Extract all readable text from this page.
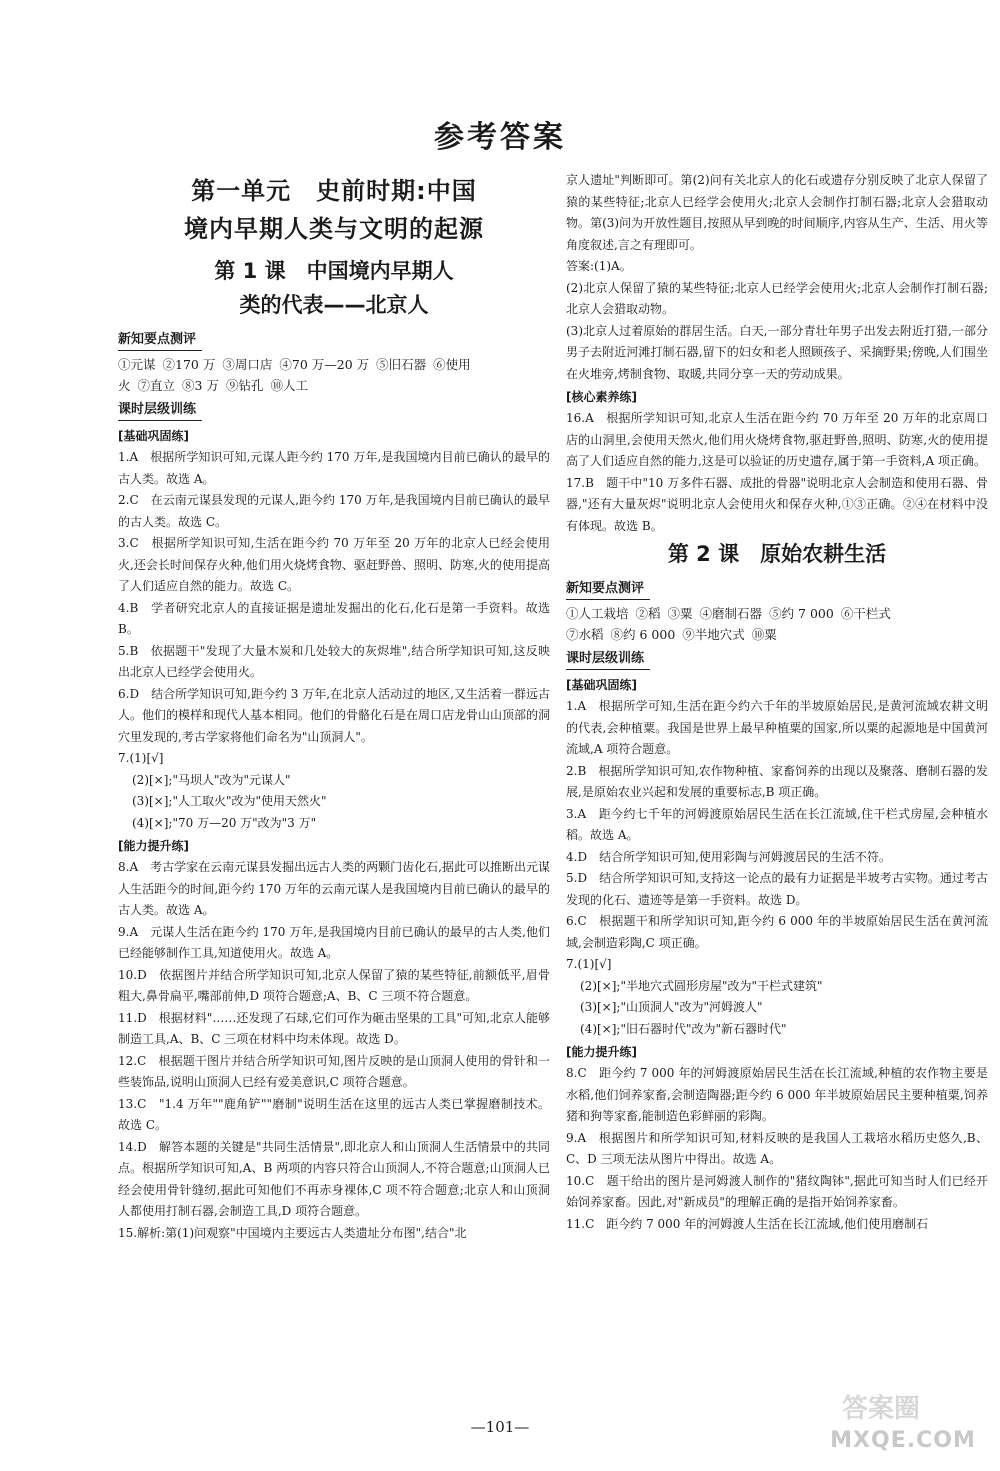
参考答案
第一单元　史前时期:中国
境内早期人类与文明的起源
第 1 课　中国境内早期人
类的代表——北京人
新知要点测评
①元谋 ②170 万 ③周口店 ④70 万—20 万 ⑤旧石器 ⑥使用
火 ⑦直立 ⑧3 万 ⑨钻孔 ⑩人工
课时层级训练
[基础巩固练]

1.A　根据所学知识可知,元谋人距今约 170 万年,是我国境内目前已确认的最早的古人类。故选 A。

2.C　在云南元谋县发现的元谋人,距今约 170 万年,是我国境内目前已确认的最早的古人类。故选 C。

3.C　根据所学知识可知,生活在距今约 70 万年至 20 万年的北京人已经会使用火,还会长时间保存火种,他们用火烧烤食物、驱赶野兽、照明、防寒,火的使用提高了人们适应自然的能力。故选 C。

4.B　学者研究北京人的直接证据是遗址发掘出的化石,化石是第一手资料。故选 B。

5.B　依据题干"发现了大量木炭和几处较大的灰烬堆",结合所学知识可知,这反映出北京人已经学会使用火。

6.D　结合所学知识可知,距今约 3 万年,在北京人活动过的地区,又生活着一群远古人。他们的模样和现代人基本相同。他们的骨骼化石是在周口店龙骨山山顶部的洞穴里发现的,考古学家将他们命名为"山顶洞人"。

7.(1)[√]

(2)[×];"马坝人"改为"元谋人"

(3)[×];"人工取火"改为"使用天然火"

(4)[×];"70 万—20 万"改为"3 万"

[能力提升练]

8.A　考古学家在云南元谋县发掘出远古人类的两颗门齿化石,据此可以推断出元谋人生活距今的时间,距今约 170 万年的云南元谋人是我国境内目前已确认的最早的古人类。故选 A。

9.A　元谋人生活在距今约 170 万年,是我国境内目前已确认的最早的古人类,他们已经能够制作工具,知道使用火。故选 A。

10.D　依据图片并结合所学知识可知,北京人保留了猿的某些特征,前额低平,眉骨粗大,鼻骨扁平,嘴部前伸,D 项符合题意;A、B、C 三项不符合题意。

11.D　根据材料"……还发现了石球,它们可作为砸击坚果的工具"可知,北京人能够制造工具,A、B、C 三项在材料中均未体现。故选 D。

12.C　根据题干图片并结合所学知识可知,图片反映的是山顶洞人使用的骨针和一些装饰品,说明山顶洞人已经有爱美意识,C 项符合题意。

13.C　"1.4 万年""鹿角铲""磨制"说明生活在这里的远古人类已掌握磨制技术。故选 C。

14.D　解答本题的关键是"共同生活情景",即北京人和山顶洞人生活情景中的共同点。根据所学知识可知,A、B 两项的内容只符合山顶洞人,不符合题意;山顶洞人已经会使用骨针缝纫,据此可知他们不再赤身裸体,C 项不符合题意;北京人和山顶洞人都使用打制石器,会制造工具,D 项符合题意。

15.解析:第(1)问观察"中国境内主要远古人类遗址分布图",结合"北

京人遗址"判断即可。第(2)问有关北京人的化石或遗存分别反映了北京人保留了猿的某些特征;北京人已经学会使用火;北京人会制作打制石器;北京人会猎取动物。第(3)问为开放性题目,按照从早到晚的时间顺序,内容从生产、生活、用火等角度叙述,言之有理即可。

答案:(1)A。

(2)北京人保留了猿的某些特征;北京人已经学会使用火;北京人会制作打制石器;北京人会猎取动物。

(3)北京人过着原始的群居生活。白天,一部分青壮年男子出发去附近打猎,一部分男子去附近河滩打制石器,留下的妇女和老人照顾孩子、采摘野果;傍晚,人们围坐在火堆旁,烤制食物、取暖,共同分享一天的劳动成果。

[核心素养练]

16.A　根据所学知识可知,北京人生活在距今约 70 万年至 20 万年的北京周口店的山洞里,会使用天然火,他们用火烧烤食物,驱赶野兽,照明、防寒,火的使用提高了人们适应自然的能力,这是可以验证的历史遗存,属于第一手资料,A 项正确。

17.B　题干中"10 万多件石器、成批的骨器"说明北京人会制造和使用石器、骨器,"还有大量灰烬"说明北京人会使用火和保存火种,①③正确。②④在材料中没有体现。故选 B。

第 2 课　原始农耕生活
新知要点测评
①人工栽培 ②稻 ③粟 ④磨制石器 ⑤约 7 000 ⑥干栏式
⑦水稻 ⑧约 6 000 ⑨半地穴式 ⑩粟
课时层级训练
[基础巩固练]

1.A　根据所学可知,生活在距今约六千年的半坡原始居民,是黄河流域农耕文明的代表,会种植粟。我国是世界上最早种植粟的国家,所以粟的起源地是中国黄河流域,A 项符合题意。

2.B　根据所学知识可知,农作物种植、家畜饲养的出现以及聚落、磨制石器的发展,是原始农业兴起和发展的重要标志,B 项正确。

3.A　距今约七千年的河姆渡原始居民生活在长江流域,住干栏式房屋,会种植水稻。故选 A。

4.D　结合所学知识可知,使用彩陶与河姆渡居民的生活不符。

5.D　结合所学知识可知,支持这一论点的最有力证据是半坡考古实物。通过考古发现的化石、遗迹等是第一手资料。故选 D。

6.C　根据题干和所学知识可知,距今约 6 000 年的半坡原始居民生活在黄河流域,会制造彩陶,C 项正确。

7.(1)[√]

(2)[×];"半地穴式圆形房屋"改为"干栏式建筑"

(3)[×];"山顶洞人"改为"河姆渡人"

(4)[×];"旧石器时代"改为"新石器时代"

[能力提升练]

8.C　距今约 7 000 年的河姆渡原始居民生活在长江流域,种植的农作物主要是水稻,他们饲养家畜,会制造陶器;距今约 6 000 年半坡原始居民主要种植粟,饲养猪和狗等家畜,能制造色彩鲜丽的彩陶。

9.A　根据图片和所学知识可知,材料反映的是我国人工栽培水稻历史悠久,B、C、D 三项无法从图片中得出。故选 A。

10.C　题干给出的图片是河姆渡人制作的"猪纹陶钵",据此可知当时人们已经开始饲养家畜。因此,对"新成员"的理解正确的是指开始饲养家畜。

11.C　距今约 7 000 年的河姆渡人生活在长江流域,他们使用磨制石

—101—
答案圈
MXQE.COM
